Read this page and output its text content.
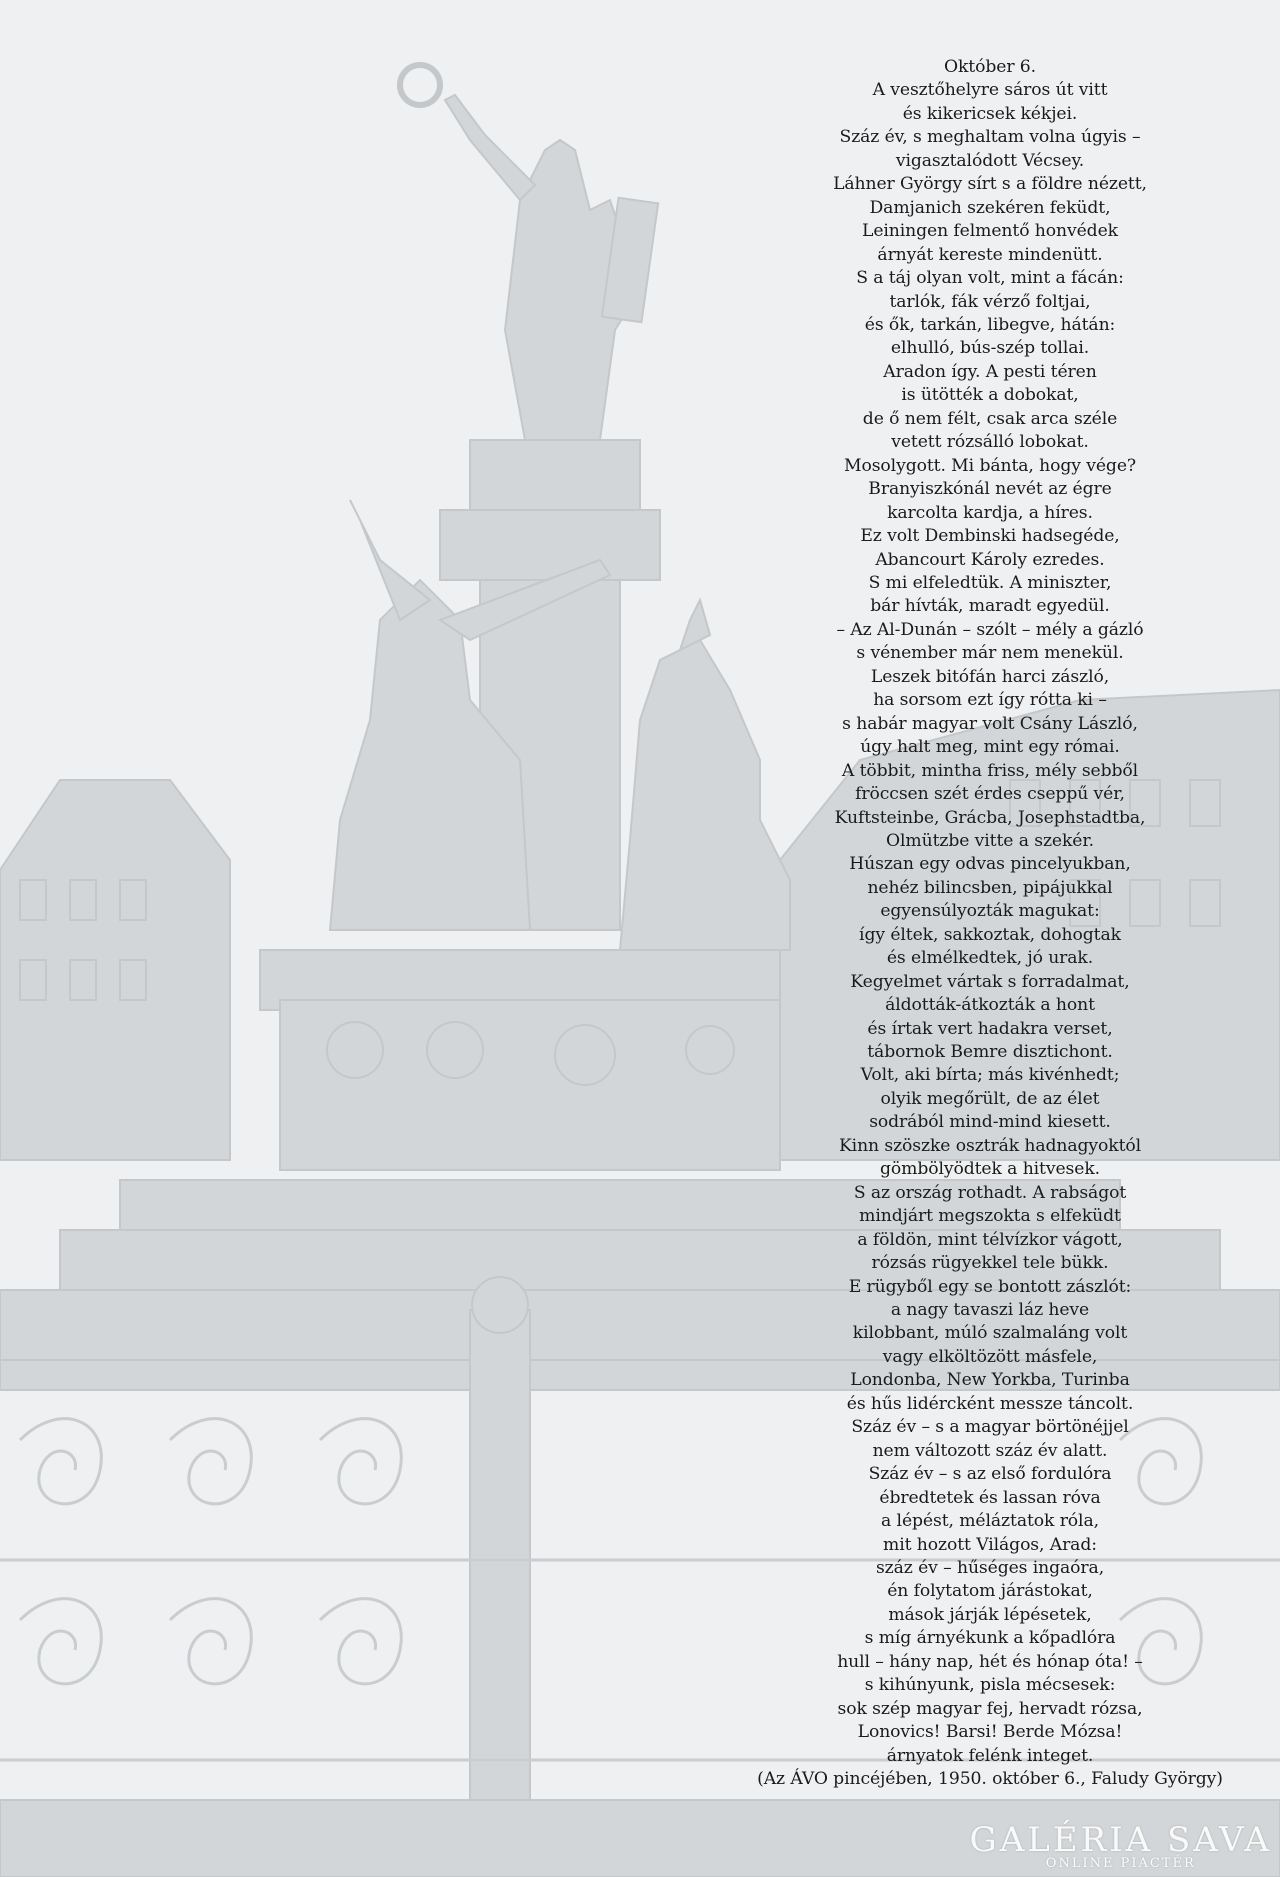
Október 6.
A vesztőhelyre sáros út vitt
és kikericsek kékjei.
Száz év, s meghaltam volna úgyis –
vigasztalódott Vécsey.
Láhner György sírt s a földre nézett,
Damjanich szekéren feküdt,
Leiningen felmentő honvédek
árnyát kereste mindenütt.
S a táj olyan volt, mint a fácán:
tarlók, fák vérző foltjai,
és ők, tarkán, libegve, hátán:
elhulló, bús-szép tollai.
Aradon így. A pesti téren
is ütötték a dobokat,
de ő nem félt, csak arca széle
vetett rózsálló lobokat.
Mosolygott. Mi bánta, hogy vége?
Branyiszkónál nevét az égre
karcolta kardja, a híres.
Ez volt Dembinski hadsegéde,
Abancourt Károly ezredes.
S mi elfeledtük. A miniszter,
bár hívták, maradt egyedül.
– Az Al-Dunán – szólt – mély a gázló
s vénember már nem menekül.
Leszek bitófán harci zászló,
ha sorsom ezt így rótta ki –
s habár magyar volt Csány László,
úgy halt meg, mint egy római.
A többit, mintha friss, mély sebből
fröccsen szét érdes cseppű vér,
Kuftsteinbe, Grácba, Josephstadtba,
Olmützbe vitte a szekér.
Húszan egy odvas pincelyukban,
nehéz bilincsben, pipájukkal
egyensúlyozták magukat:
így éltek, sakkoztak, dohogtak
és elmélkedtek, jó urak.
Kegyelmet vártak s forradalmat,
áldották-átkozták a hont
és írtak vert hadakra verset,
tábornok Bemre disztichont.
Volt, aki bírta; más kivénhedt;
olyik megőrült, de az élet
sodrából mind-mind kiesett.
Kinn szöszke osztrák hadnagyoktól
gömbölyödtek a hitvesek.
S az ország rothadt. A rabságot
mindjárt megszokta s elfeküdt
a földön, mint télvízkor vágott,
rózsás rügyekkel tele bükk.
E rügyből egy se bontott zászlót:
a nagy tavaszi láz heve
kilobbant, múló szalmaláng volt
vagy elköltözött másfele,
Londonba, New Yorkba, Turinba
és hűs lidércként messze táncolt.
Száz év – s a magyar börtönéjjel
nem változott száz év alatt.
Száz év – s az első fordulóra
ébredtetek és lassan róva
a lépést, méláztatok róla,
mit hozott Világos, Arad:
száz év – hűséges ingaóra,
én folytatom járástokat,
mások járják lépésetek,
s míg árnyékunk a kőpadlóra
hull – hány nap, hét és hónap óta! –
s kihúnyunk, pisla mécsesek:
sok szép magyar fej, hervadt rózsa,
Lonovics! Barsi! Berde Mózsa!
árnyatok felénk integet.
(Az ÁVO pincéjében, 1950. október 6., Faludy György)
GALÉRIA SAVA
ONLINE PIACTÉR
